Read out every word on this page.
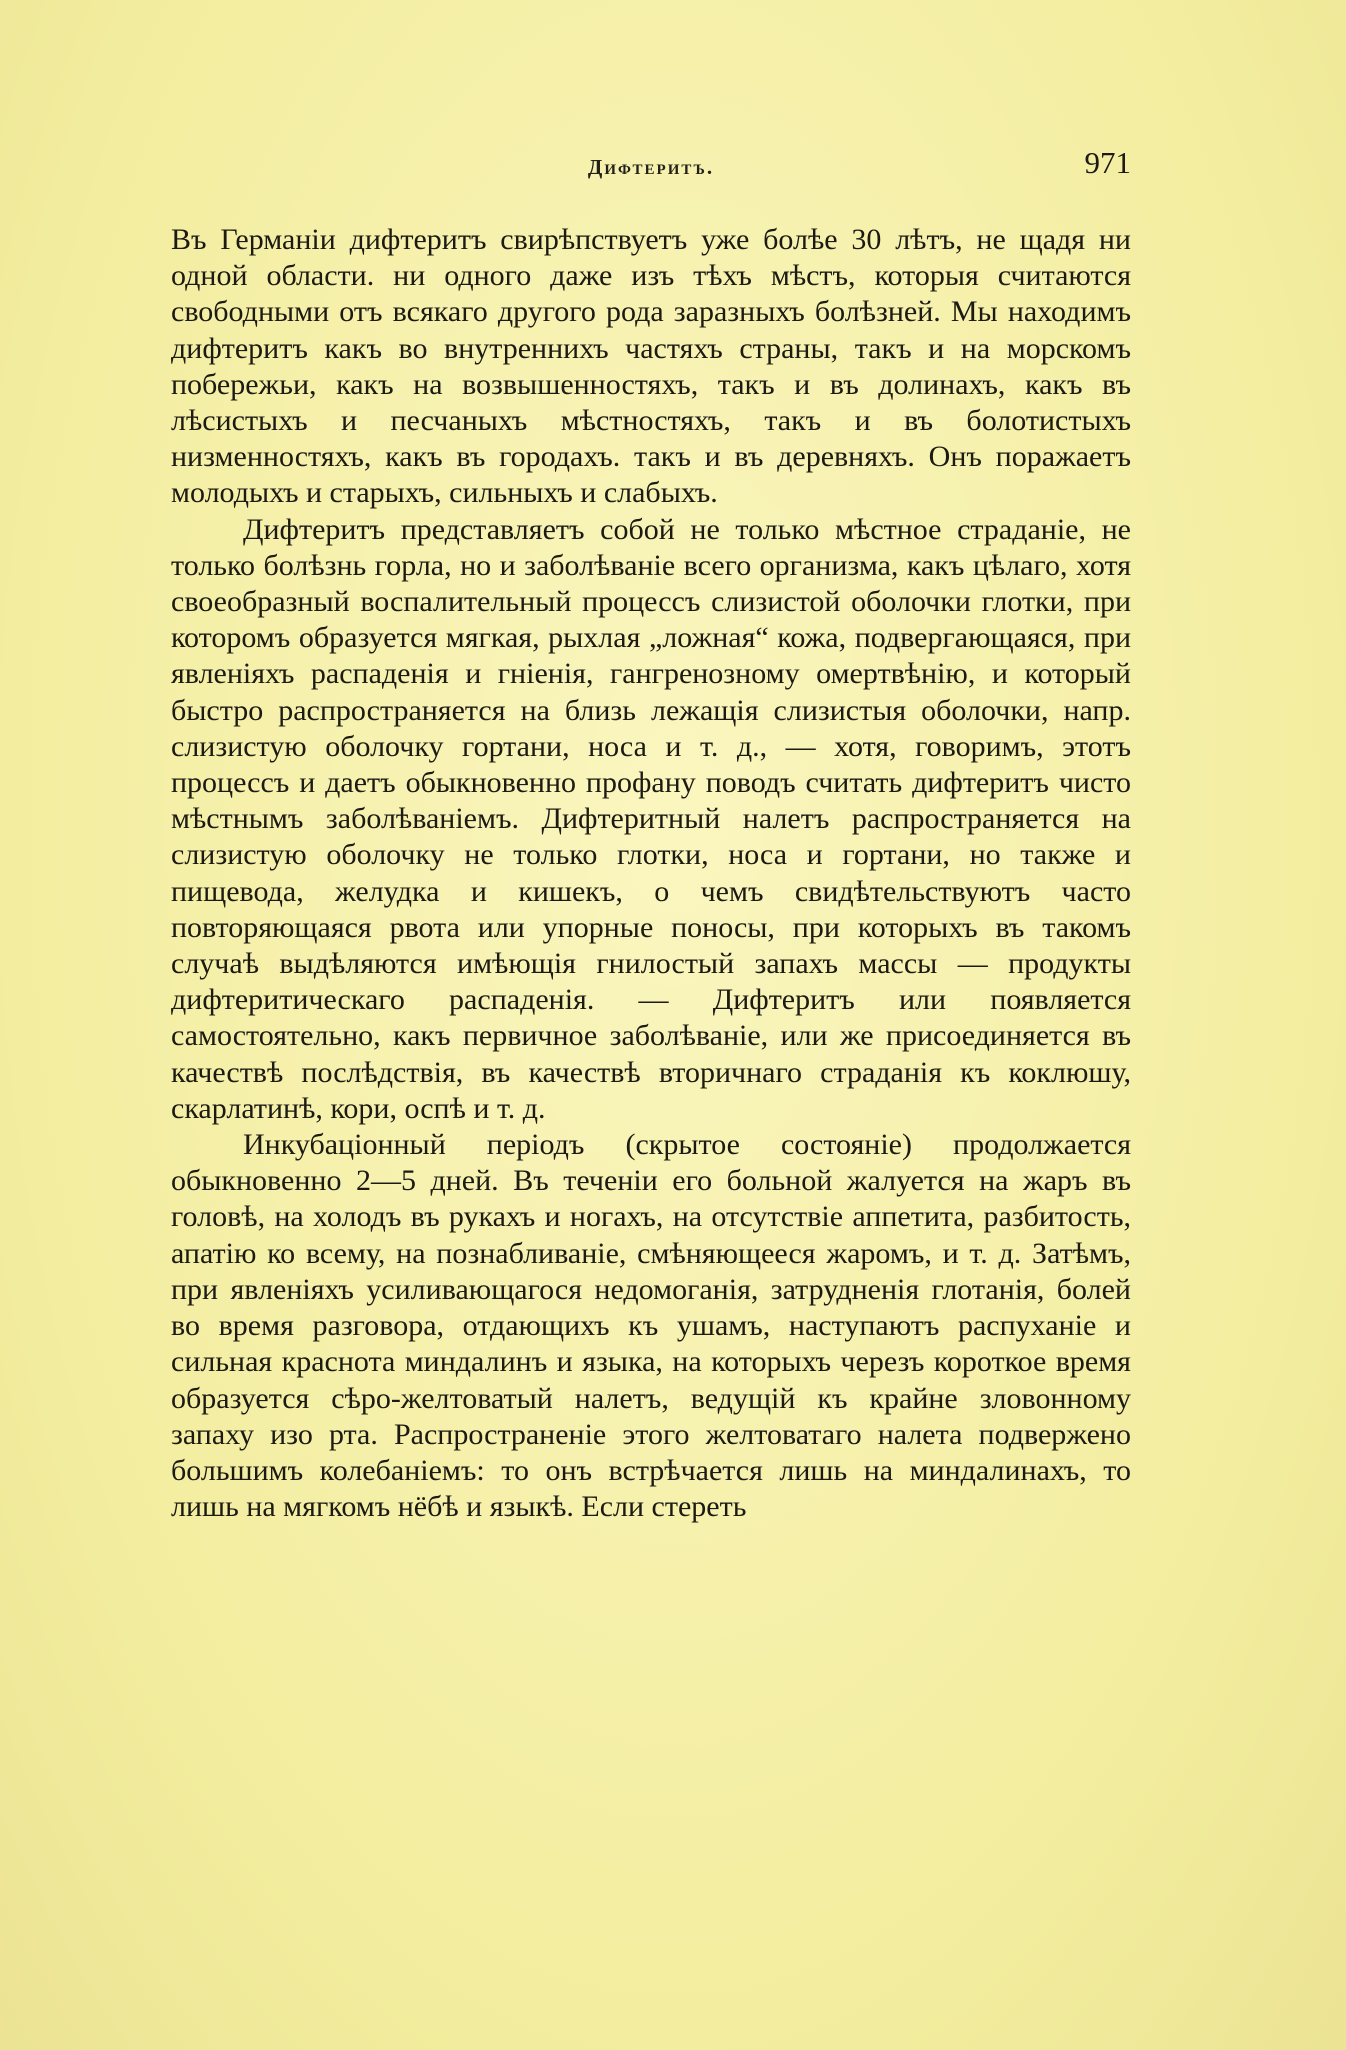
Дифтеритъ.	971

Въ Германіи дифтеритъ свирѣпствуетъ уже болѣе 30 лѣтъ, не щадя ни одной области. ни одного даже изъ тѣхъ мѣстъ, которыя считаются свободными отъ всякаго другого рода заразныхъ болѣзней. Мы находимъ дифтеритъ какъ во внутреннихъ частяхъ страны, такъ и на морскомъ побережьи, какъ на возвышенностяхъ, такъ и въ долинахъ, какъ въ лѣсистыхъ и песчаныхъ мѣстностяхъ, такъ и въ болотистыхъ низменностяхъ, какъ въ городахъ. такъ и въ деревняхъ. Онъ поражаетъ молодыхъ и старыхъ, сильныхъ и слабыхъ.

Дифтеритъ представляетъ собой не только мѣстное страданіе, не только болѣзнь горла, но и заболѣваніе всего организма, какъ цѣлаго, хотя своеобразный воспалительный процессъ слизистой оболочки глотки, при которомъ образуется мягкая, рыхлая „ложная“ кожа, подвергающаяся, при явленіяхъ распаденія и гніенія, гангренозному омертвѣнію, и который быстро распространяется на близь лежащія слизистыя оболочки, напр. слизистую оболочку гортани, носа и т. д., — хотя, говоримъ, этотъ процессъ и даетъ обыкновенно профану поводъ считать дифтеритъ чисто мѣстнымъ заболѣваніемъ. Дифтеритный налетъ распространяется на слизистую оболочку не только глотки, носа и гортани, но также и пищевода, желудка и кишекъ, о чемъ свидѣтельствуютъ часто повторяющаяся рвота или упорные поносы, при которыхъ въ такомъ случаѣ выдѣляются имѣющія гнилостый запахъ массы — продукты дифтеритическаго распаденія. — Дифтеритъ или появляется самостоятельно, какъ первичное заболѣваніе, или же присоединяется въ качествѣ послѣдствія, въ качествѣ вторичнаго страданія къ коклюшу, скарлатинѣ, кори, оспѣ и т. д.

Инкубаціонный періодъ (скрытое состояніе) продолжается обыкновенно 2—5 дней. Въ теченіи его больной жалуется на жаръ въ головѣ, на холодъ въ рукахъ и ногахъ, на отсутствіе аппетита, разбитость, апатію ко всему, на познабливаніе, смѣняющееся жаромъ, и т. д. Затѣмъ, при явленіяхъ усиливающагося недомоганія, затрудненія глотанія, болей во время разговора, отдающихъ къ ушамъ, наступаютъ распуханіе и сильная краснота миндалинъ и языка, на которыхъ черезъ короткое время образуется сѣро-желтоватый налетъ, ведущій къ крайне зловонному запаху изо рта. Распространеніе этого желтоватаго налета подвержено большимъ колебаніемъ: то онъ встрѣчается лишь на миндалинахъ, то лишь на мягкомъ нёбѣ и языкѣ. Если стереть
